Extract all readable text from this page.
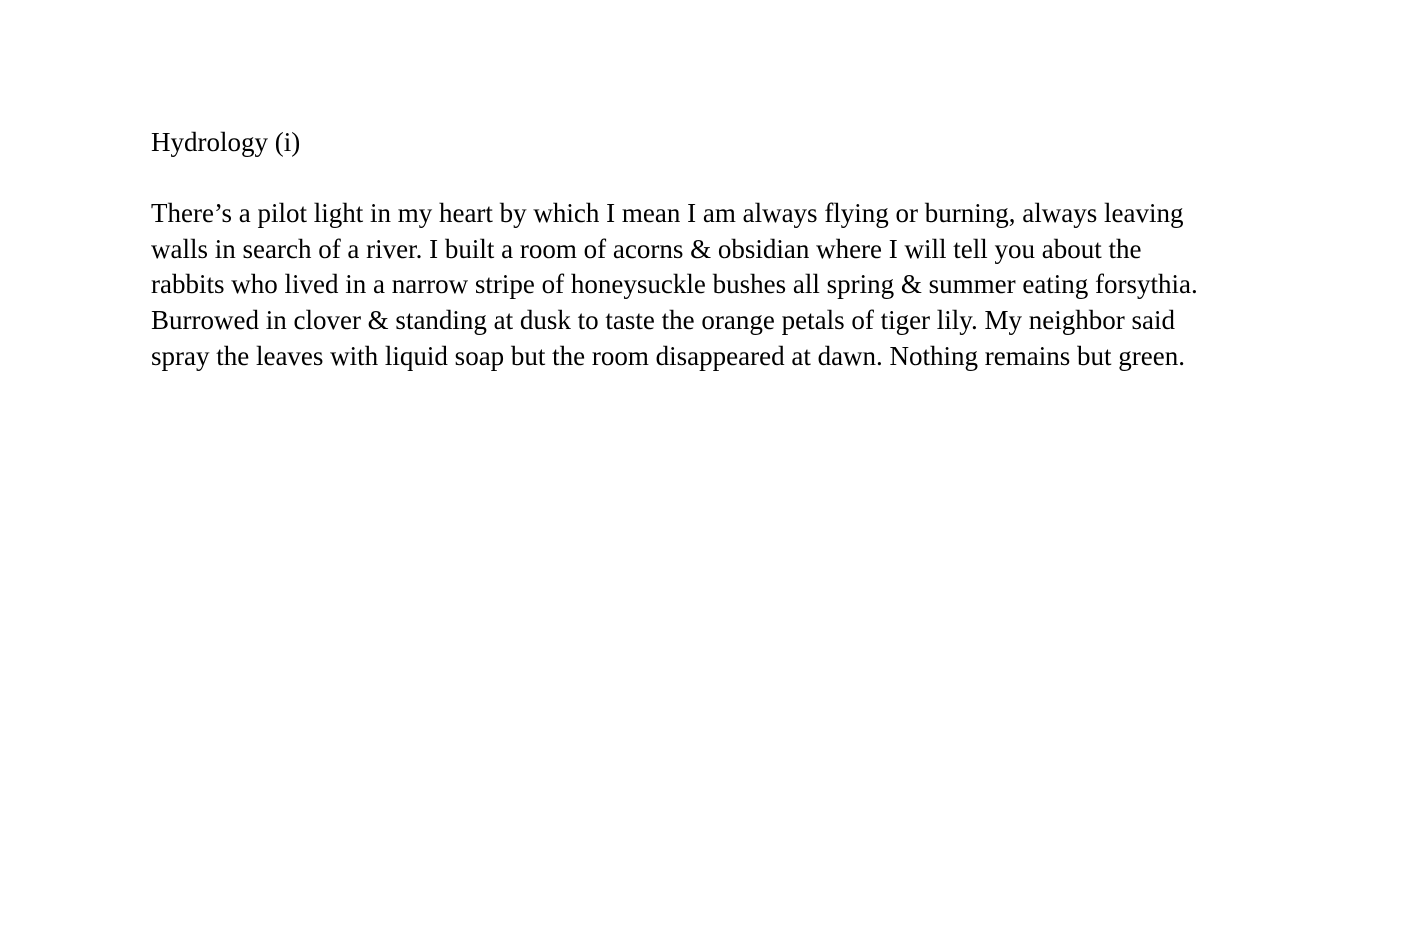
Hydrology (i)

There’s a pilot light in my heart by which I mean I am always flying or burning, always leaving
walls in search of a river. I built a room of acorns & obsidian where I will tell you about the
rabbits who lived in a narrow stripe of honeysuckle bushes all spring & summer eating forsythia.
Burrowed in clover & standing at dusk to taste the orange petals of tiger lily. My neighbor said
spray the leaves with liquid soap but the room disappeared at dawn. Nothing remains but green.
